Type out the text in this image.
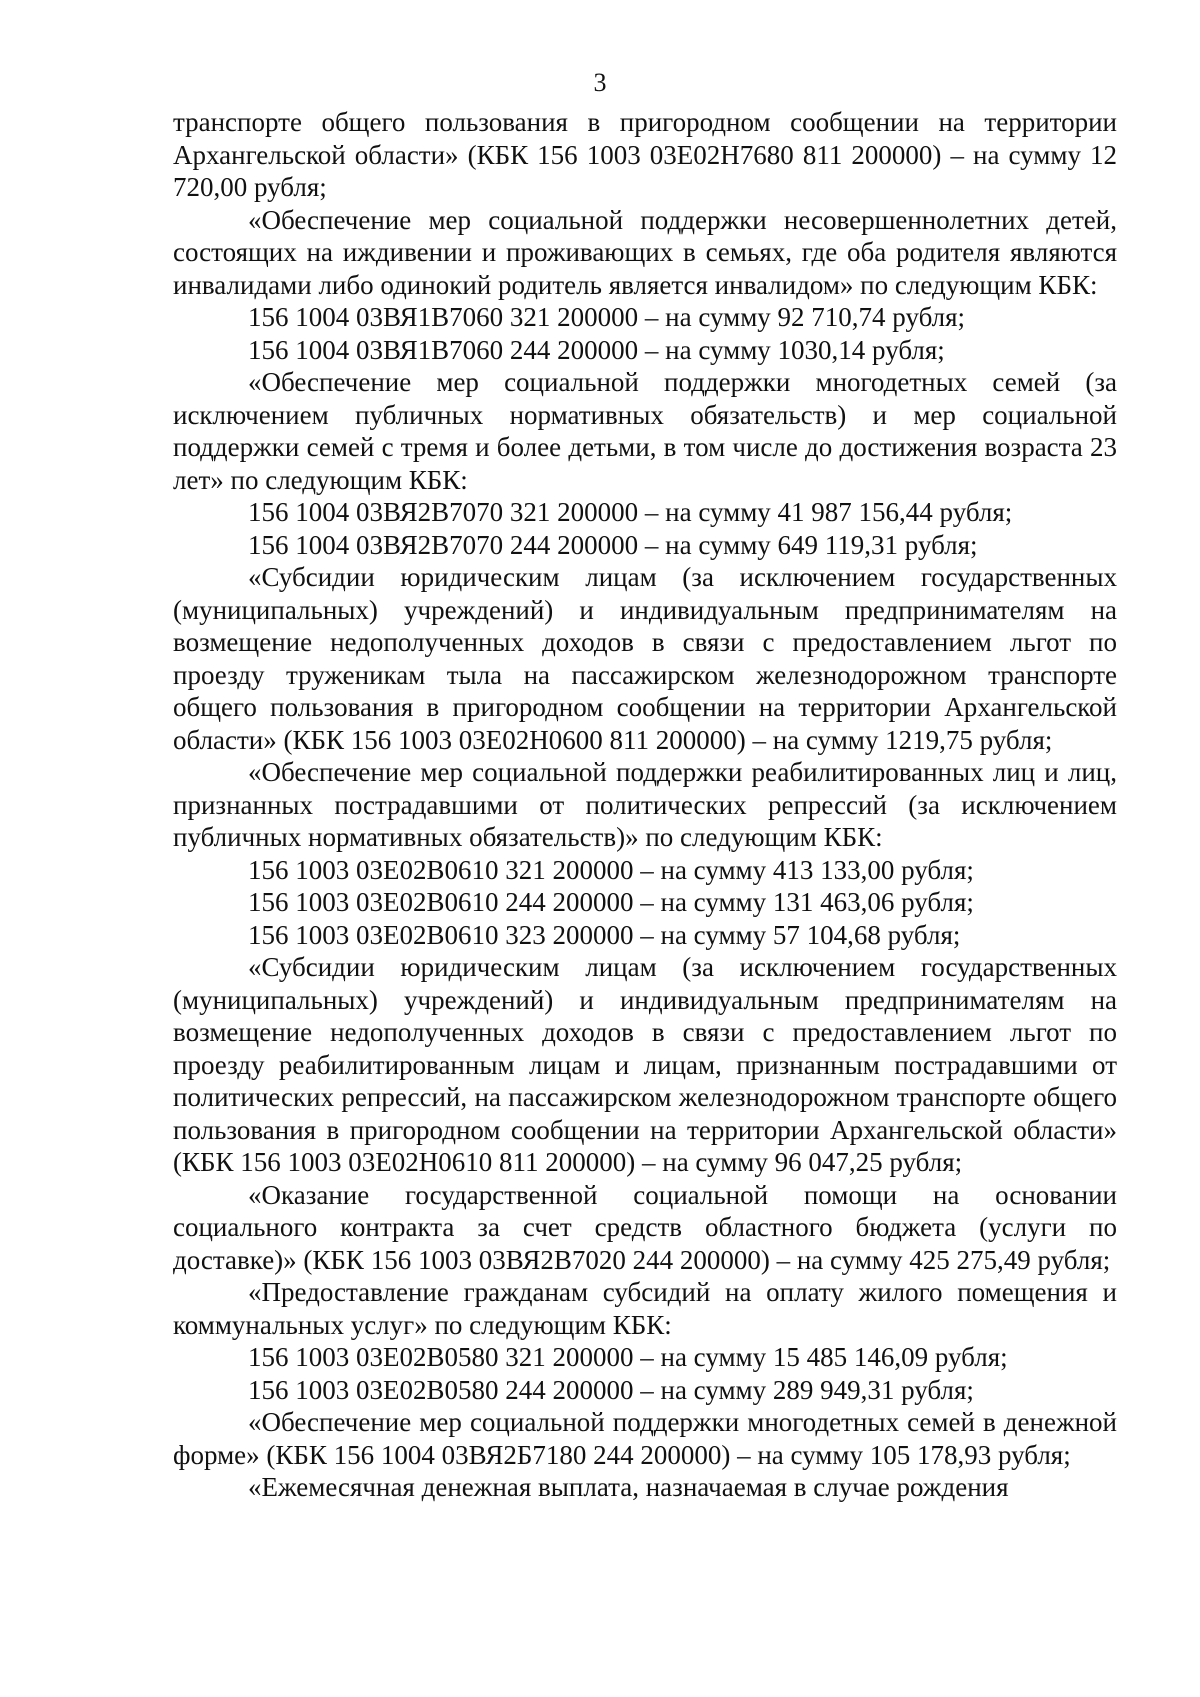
3

транспорте общего пользования в пригородном сообщении на территории Архангельской области» (КБК 156 1003 03Е02Н7680 811 200000) – на сумму 12 720,00 рубля;

«Обеспечение мер социальной поддержки несовершеннолетних детей, состоящих на иждивении и проживающих в семьях, где оба родителя являются инвалидами либо одинокий родитель является инвалидом» по следующим КБК:

156 1004 03ВЯ1В7060 321 200000 – на сумму 92 710,74 рубля;

156 1004 03ВЯ1В7060 244 200000 – на сумму 1030,14 рубля;

«Обеспечение мер социальной поддержки многодетных семей (за исключением публичных нормативных обязательств) и мер социальной поддержки семей с тремя и более детьми, в том числе до достижения возраста 23 лет» по следующим КБК:

156 1004 03ВЯ2В7070 321 200000 – на сумму 41 987 156,44 рубля;

156 1004 03ВЯ2В7070 244 200000 – на сумму 649 119,31 рубля;

«Субсидии юридическим лицам (за исключением государственных (муниципальных) учреждений) и индивидуальным предпринимателям на возмещение недополученных доходов в связи с предоставлением льгот по проезду труженикам тыла на пассажирском железнодорожном транспорте общего пользования в пригородном сообщении на территории Архангельской области» (КБК 156 1003 03Е02Н0600 811 200000) – на сумму 1219,75 рубля;

«Обеспечение мер социальной поддержки реабилитированных лиц и лиц, признанных пострадавшими от политических репрессий (за исключением публичных нормативных обязательств)» по следующим КБК:

156 1003 03Е02В0610 321 200000 – на сумму 413 133,00 рубля;

156 1003 03Е02В0610 244 200000 – на сумму 131 463,06 рубля;

156 1003 03Е02В0610 323 200000 – на сумму 57 104,68 рубля;

«Субсидии юридическим лицам (за исключением государственных (муниципальных) учреждений) и индивидуальным предпринимателям на возмещение недополученных доходов в связи с предоставлением льгот по проезду реабилитированным лицам и лицам, признанным пострадавшими от политических репрессий, на пассажирском железнодорожном транспорте общего пользования в пригородном сообщении на территории Архангельской области» (КБК 156 1003 03Е02Н0610 811 200000) – на сумму 96 047,25 рубля;

«Оказание государственной социальной помощи на основании социального контракта за счет средств областного бюджета (услуги по доставке)» (КБК 156 1003 03ВЯ2В7020 244 200000) – на сумму 425 275,49 рубля;

«Предоставление гражданам субсидий на оплату жилого помещения и коммунальных услуг» по следующим КБК:

156 1003 03Е02В0580 321 200000 – на сумму 15 485 146,09 рубля;

156 1003 03Е02В0580 244 200000 – на сумму 289 949,31 рубля;

«Обеспечение мер социальной поддержки многодетных семей в денежной форме» (КБК 156 1004 03ВЯ2Б7180 244 200000) – на сумму 105 178,93 рубля;

«Ежемесячная денежная выплата, назначаемая в случае рождения
